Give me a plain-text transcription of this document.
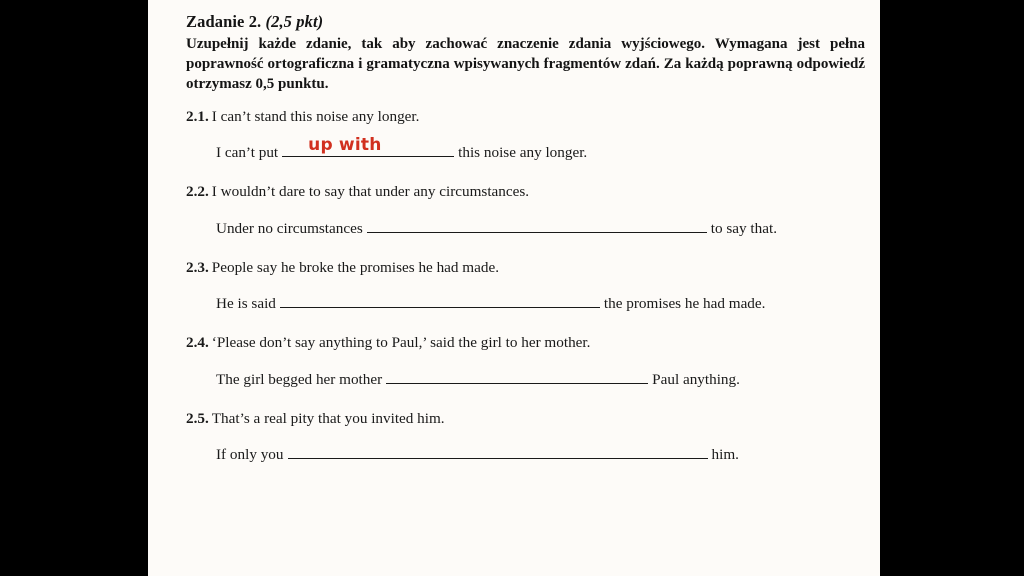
Zadanie 2. (2,5 pkt)
Uzupełnij każde zdanie, tak aby zachować znaczenie zdania wyjściowego. Wymagana jest pełna poprawność ortograficzna i gramatyczna wpisywanych fragmentów zdań. Za każdą poprawną odpowiedź otrzymasz 0,5 punktu.
2.1. I can’t stand this noise any longer.
I can’t put up with	this noise any longer.
2.2. I wouldn’t dare to say that under any circumstances.
Under no circumstances	to say that.
2.3. People say he broke the promises he had made.
He is said	the promises he had made.
2.4. ‘Please don’t say anything to Paul,’ said the girl to her mother.
The girl begged her mother	Paul anything.
2.5. That’s a real pity that you invited him.
If only you	him.
